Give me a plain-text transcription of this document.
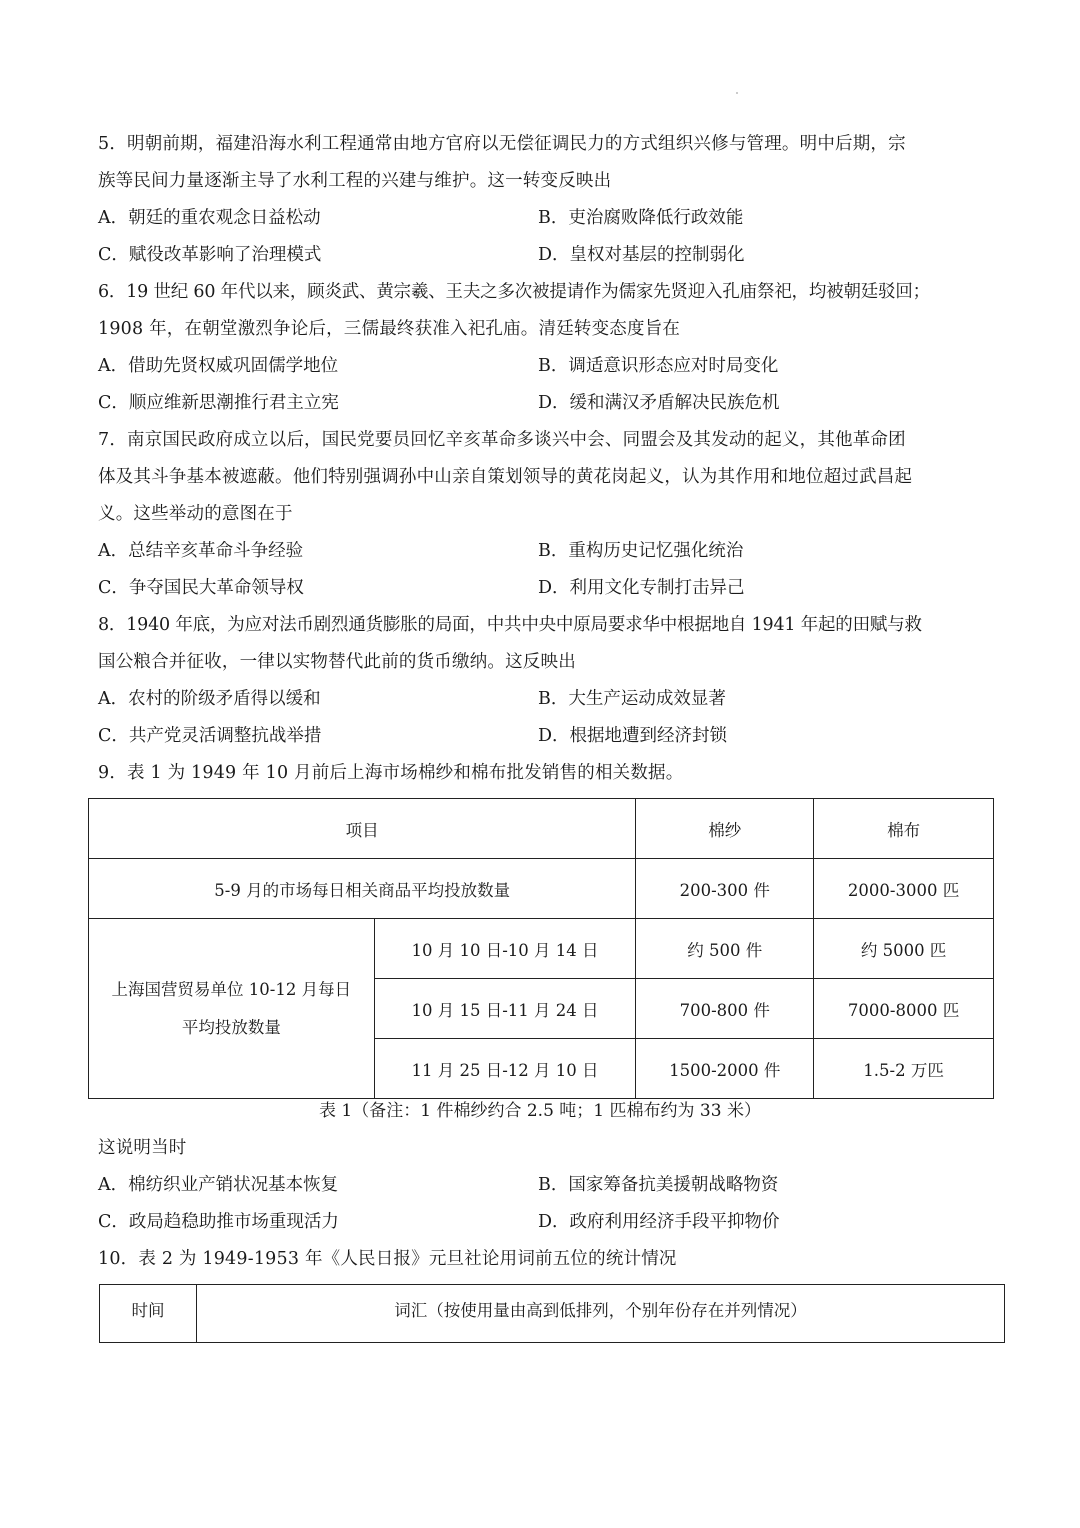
5．明朝前期，福建沿海水利工程通常由地方官府以无偿征调民力的方式组织兴修与管理。明中后期，宗
族等民间力量逐渐主导了水利工程的兴建与维护。这一转变反映出
A．朝廷的重农观念日益松动	B．吏治腐败降低行政效能
C．赋役改革影响了治理模式	D．皇权对基层的控制弱化
6．19 世纪 60 年代以来，顾炎武、黄宗羲、王夫之多次被提请作为儒家先贤迎入孔庙祭祀，均被朝廷驳回；
1908 年，在朝堂激烈争论后，三儒最终获准入祀孔庙。清廷转变态度旨在
A．借助先贤权威巩固儒学地位	B．调适意识形态应对时局变化
C．顺应维新思潮推行君主立宪	D．缓和满汉矛盾解决民族危机
7．南京国民政府成立以后，国民党要员回忆辛亥革命多谈兴中会、同盟会及其发动的起义，其他革命团
体及其斗争基本被遮蔽。他们特别强调孙中山亲自策划领导的黄花岗起义，认为其作用和地位超过武昌起
义。这些举动的意图在于
A．总结辛亥革命斗争经验	B．重构历史记忆强化统治
C．争夺国民大革命领导权	D．利用文化专制打击异己
8．1940 年底，为应对法币剧烈通货膨胀的局面，中共中央中原局要求华中根据地自 1941 年起的田赋与救
国公粮合并征收，一律以实物替代此前的货币缴纳。这反映出
A．农村的阶级矛盾得以缓和	B．大生产运动成效显著
C．共产党灵活调整抗战举措	D．根据地遭到经济封锁
9．表 1 为 1949 年 10 月前后上海市场棉纱和棉布批发销售的相关数据。
项目		棉纱	棉布
5-9 月的市场每日相关商品平均投放数量		200-300 件	2000-3000 匹

上海国营贸易单位 10-12 月每日
平均投放数量	10 月 10 日-10 月 14 日	约 500 件	约 5000 匹
	10 月 15 日-11 月 24 日	700-800 件	7000-8000 匹
	11 月 25 日-12 月 10 日	1500-2000 件	1.5-2 万匹
表 1（备注：1 件棉纱约合 2.5 吨；1 匹棉布约为 33 米）
这说明当时
A．棉纺织业产销状况基本恢复	B．国家筹备抗美援朝战略物资
C．政局趋稳助推市场重现活力	D．政府利用经济手段平抑物价
10．表 2 为 1949-1953 年《人民日报》元旦社论用词前五位的统计情况
时间	词汇（按使用量由高到低排列，个别年份存在并列情况）
